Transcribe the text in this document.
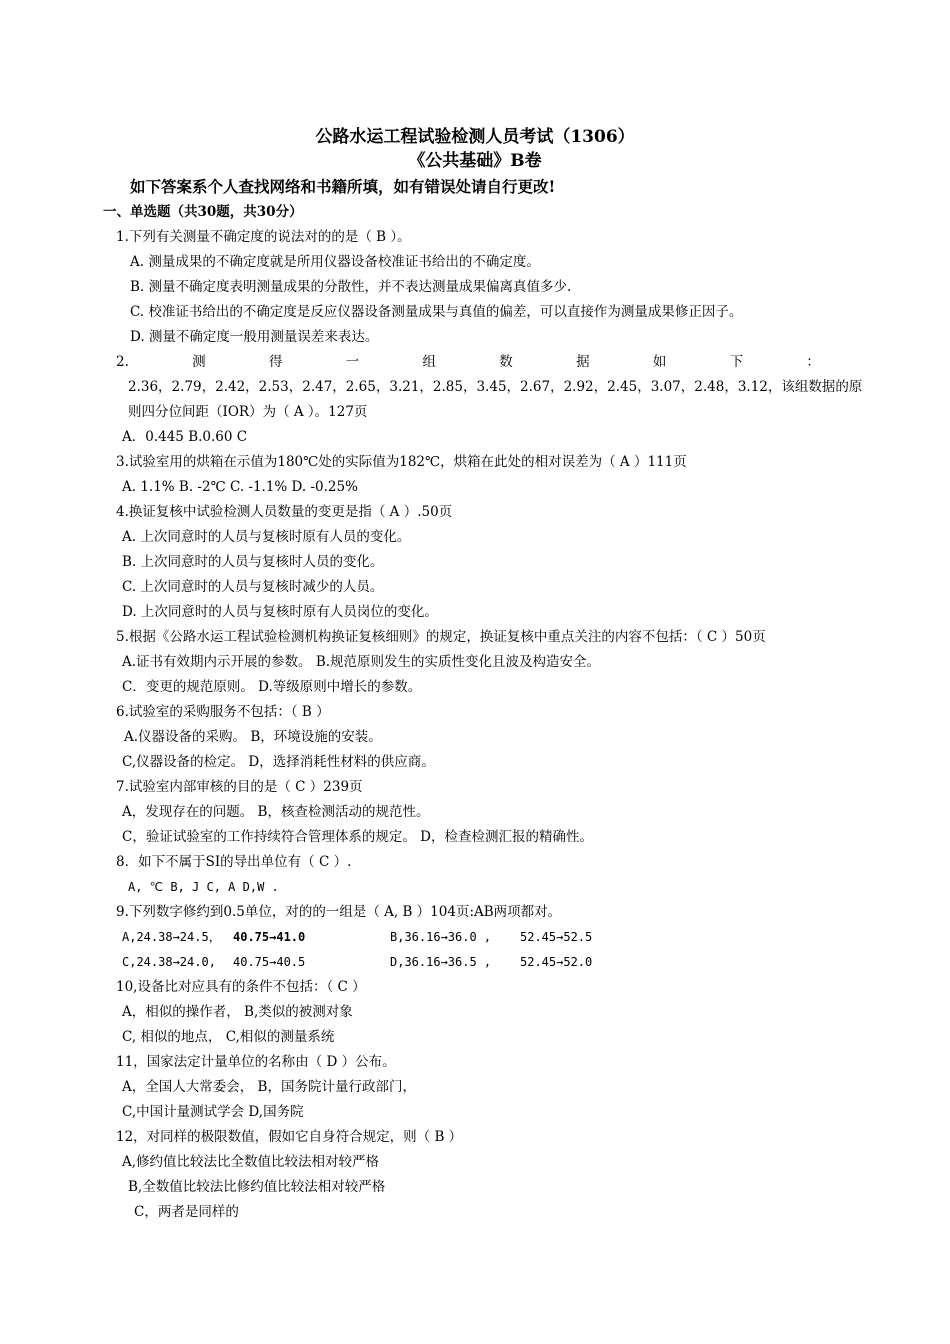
公路水运工程试验检测人员考试（1306）
《公共基础》B卷
如下答案系个人查找网络和书籍所填，如有错误处请自行更改!
一、单选题（共30题，共30分）
1.下列有关测量不确定度的说法对的的是（ B ）。
A. 测量成果的不确定度就是所用仪器设备校准证书给出的不确定度。
B. 测量不确定度表明测量成果的分散性，并不表达测量成果偏离真值多少.
C. 校准证书给出的不确定度是反应仪器设备测量成果与真值的偏差，可以直接作为测量成果修正因子。
D. 测量不确定度一般用测量误差来表达。
2.	测	得	一	组	数	据	如	下	：
2.36，2.79，2.42，2.53，2.47，2.65，3.21，2.85，3.45，2.67，2.92，2.45，3.07，2.48，3.12，该组数据的原
则四分位间距（IOR）为（ A ）。127页
A．0.445 B.0.60 C
3.试验室用的烘箱在示值为180℃处的实际值为182℃，烘箱在此处的相对误差为（ A ）111页
A. 1.1% B. -2℃ C. -1.1% D. -0.25%
4.换证复核中试验检测人员数量的变更是指（ A ）.50页
A. 上次同意时的人员与复核时原有人员的变化。
B. 上次同意时的人员与复核时人员的变化。
C. 上次同意时的人员与复核时减少的人员。
D. 上次同意时的人员与复核时原有人员岗位的变化。
5.根据《公路水运工程试验检测机构换证复核细则》的规定，换证复核中重点关注的内容不包括：（ C ）50页
A.证书有效期内示开展的参数。 B.规范原则发生的实质性变化且波及构造安全。
C．变更的规范原则。 D.等级原则中增长的参数。
6.试验室的采购服务不包括：（ B ）
A.仪器设备的采购。 B，环境设施的安装。
C,仪器设备的检定。 D，选择消耗性材料的供应商。
7.试验室内部审核的目的是（ C ）239页
A，发现存在的问题。 B，核查检测活动的规范性。
C，验证试验室的工作持续符合管理体系的规定。 D，检查检测汇报的精确性。
8．如下不属于SI的导出单位有（ C ）.
A, ℃ B, J C, A D,W .
9.下列数字修约到0.5单位，对的的一组是（ A, B ）104页:AB两项都对。
A,24.38→24.5， 40.75→41.0	B,36.16→36.0 , 52.45→52.5
C,24.38→24.0, 40.75→40.5	D,36.16→36.5 , 52.45→52.0
10,设备比对应具有的条件不包括：（ C ）
A，相似的操作者， B,类似的被测对象
C, 相似的地点， C,相似的测量系统
11，国家法定计量单位的名称由（ D ）公布。
A，全国人大常委会， B，国务院计量行政部门，
C,中国计量测试学会 D,国务院
12，对同样的极限数值，假如它自身符合规定，则（ B ）
A,修约值比较法比全数值比较法相对较严格
B,全数值比较法比修约值比较法相对较严格
C，两者是同样的
